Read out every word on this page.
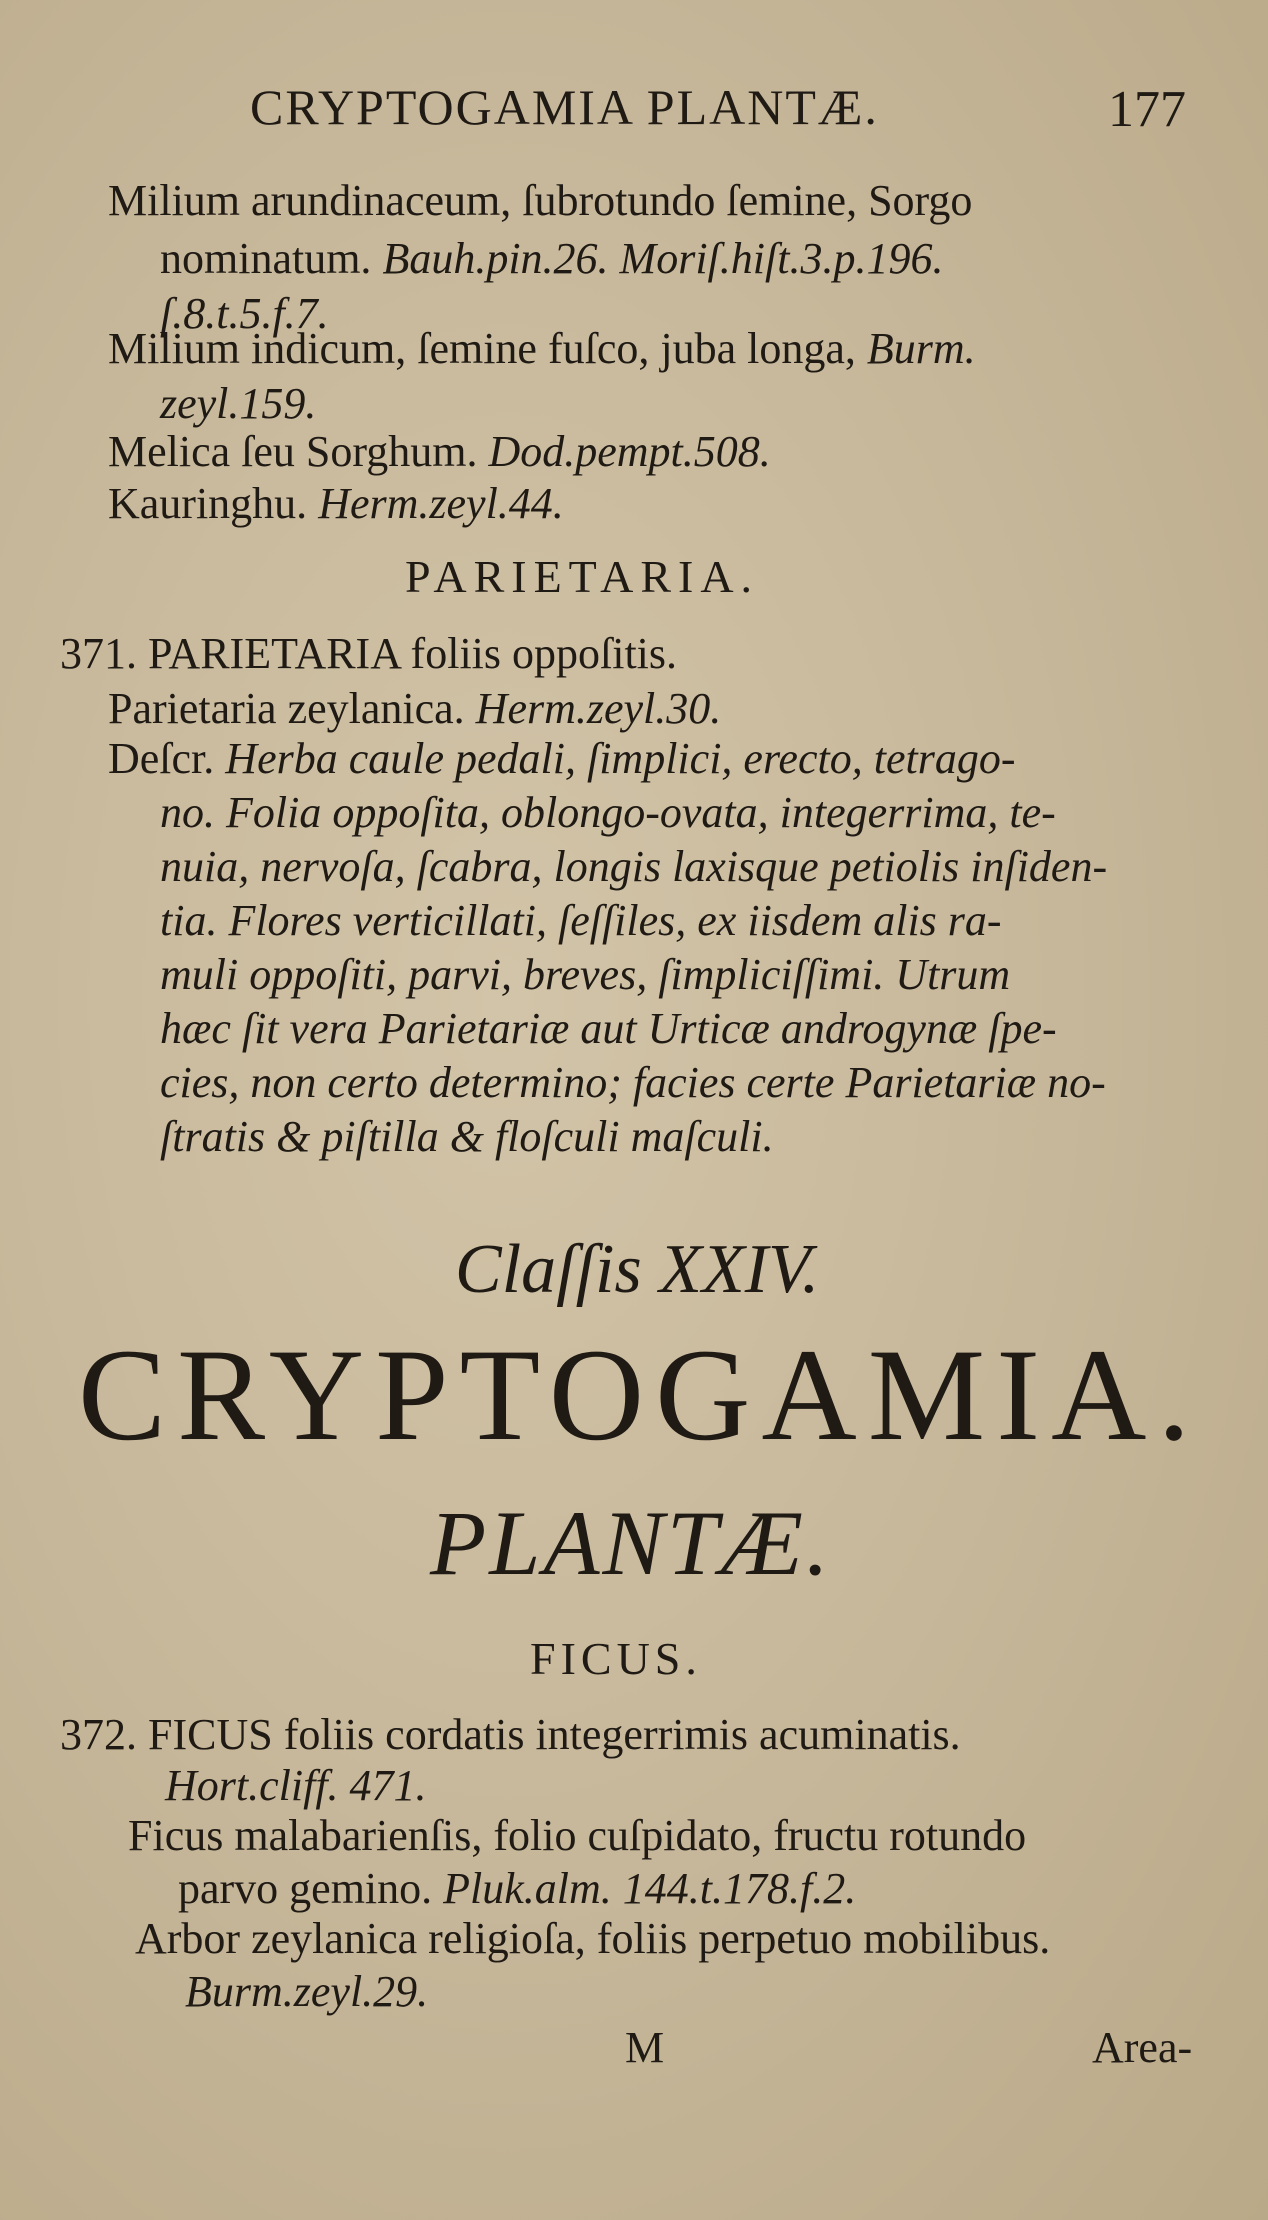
CRYPTOGAMIA PLANTÆ.	177
Milium arundinaceum, ſubrotundo ſemine, Sorgo
nominatum. Bauh.pin.26. Moriſ.hiſt.3.p.196.
ſ.8.t.5.f.7.
Milium indicum, ſemine fuſco, juba longa, Burm.
zeyl.159.
Melica ſeu Sorghum. Dod.pempt.508.
Kauringhu. Herm.zeyl.44.
PARIETARIA.
371. PARIETARIA foliis oppoſitis.
Parietaria zeylanica. Herm.zeyl.30.
Deſcr. Herba caule pedali, ſimplici, erecto, tetrago-
no. Folia oppoſita, oblongo-ovata, integerrima, te-
nuia, nervoſa, ſcabra, longis laxisque petiolis inſiden-
tia. Flores verticillati, ſeſſiles, ex iisdem alis ra-
muli oppoſiti, parvi, breves, ſimpliciſſimi. Utrum
hæc ſit vera Parietariæ aut Urticæ androgynæ ſpe-
cies, non certo determino; facies certe Parietariæ no-
ſtratis & piſtilla & floſculi maſculi.
Claſſis XXIV.
CRYPTOGAMIA.
PLANTÆ.
FICUS.
372. FICUS foliis cordatis integerrimis acuminatis.
Hort.cliff. 471.
Ficus malabarienſis, folio cuſpidato, fructu rotundo
parvo gemino. Pluk.alm. 144.t.178.f.2.
Arbor zeylanica religioſa, foliis perpetuo mobilibus.
Burm.zeyl.29.
M	Area-
